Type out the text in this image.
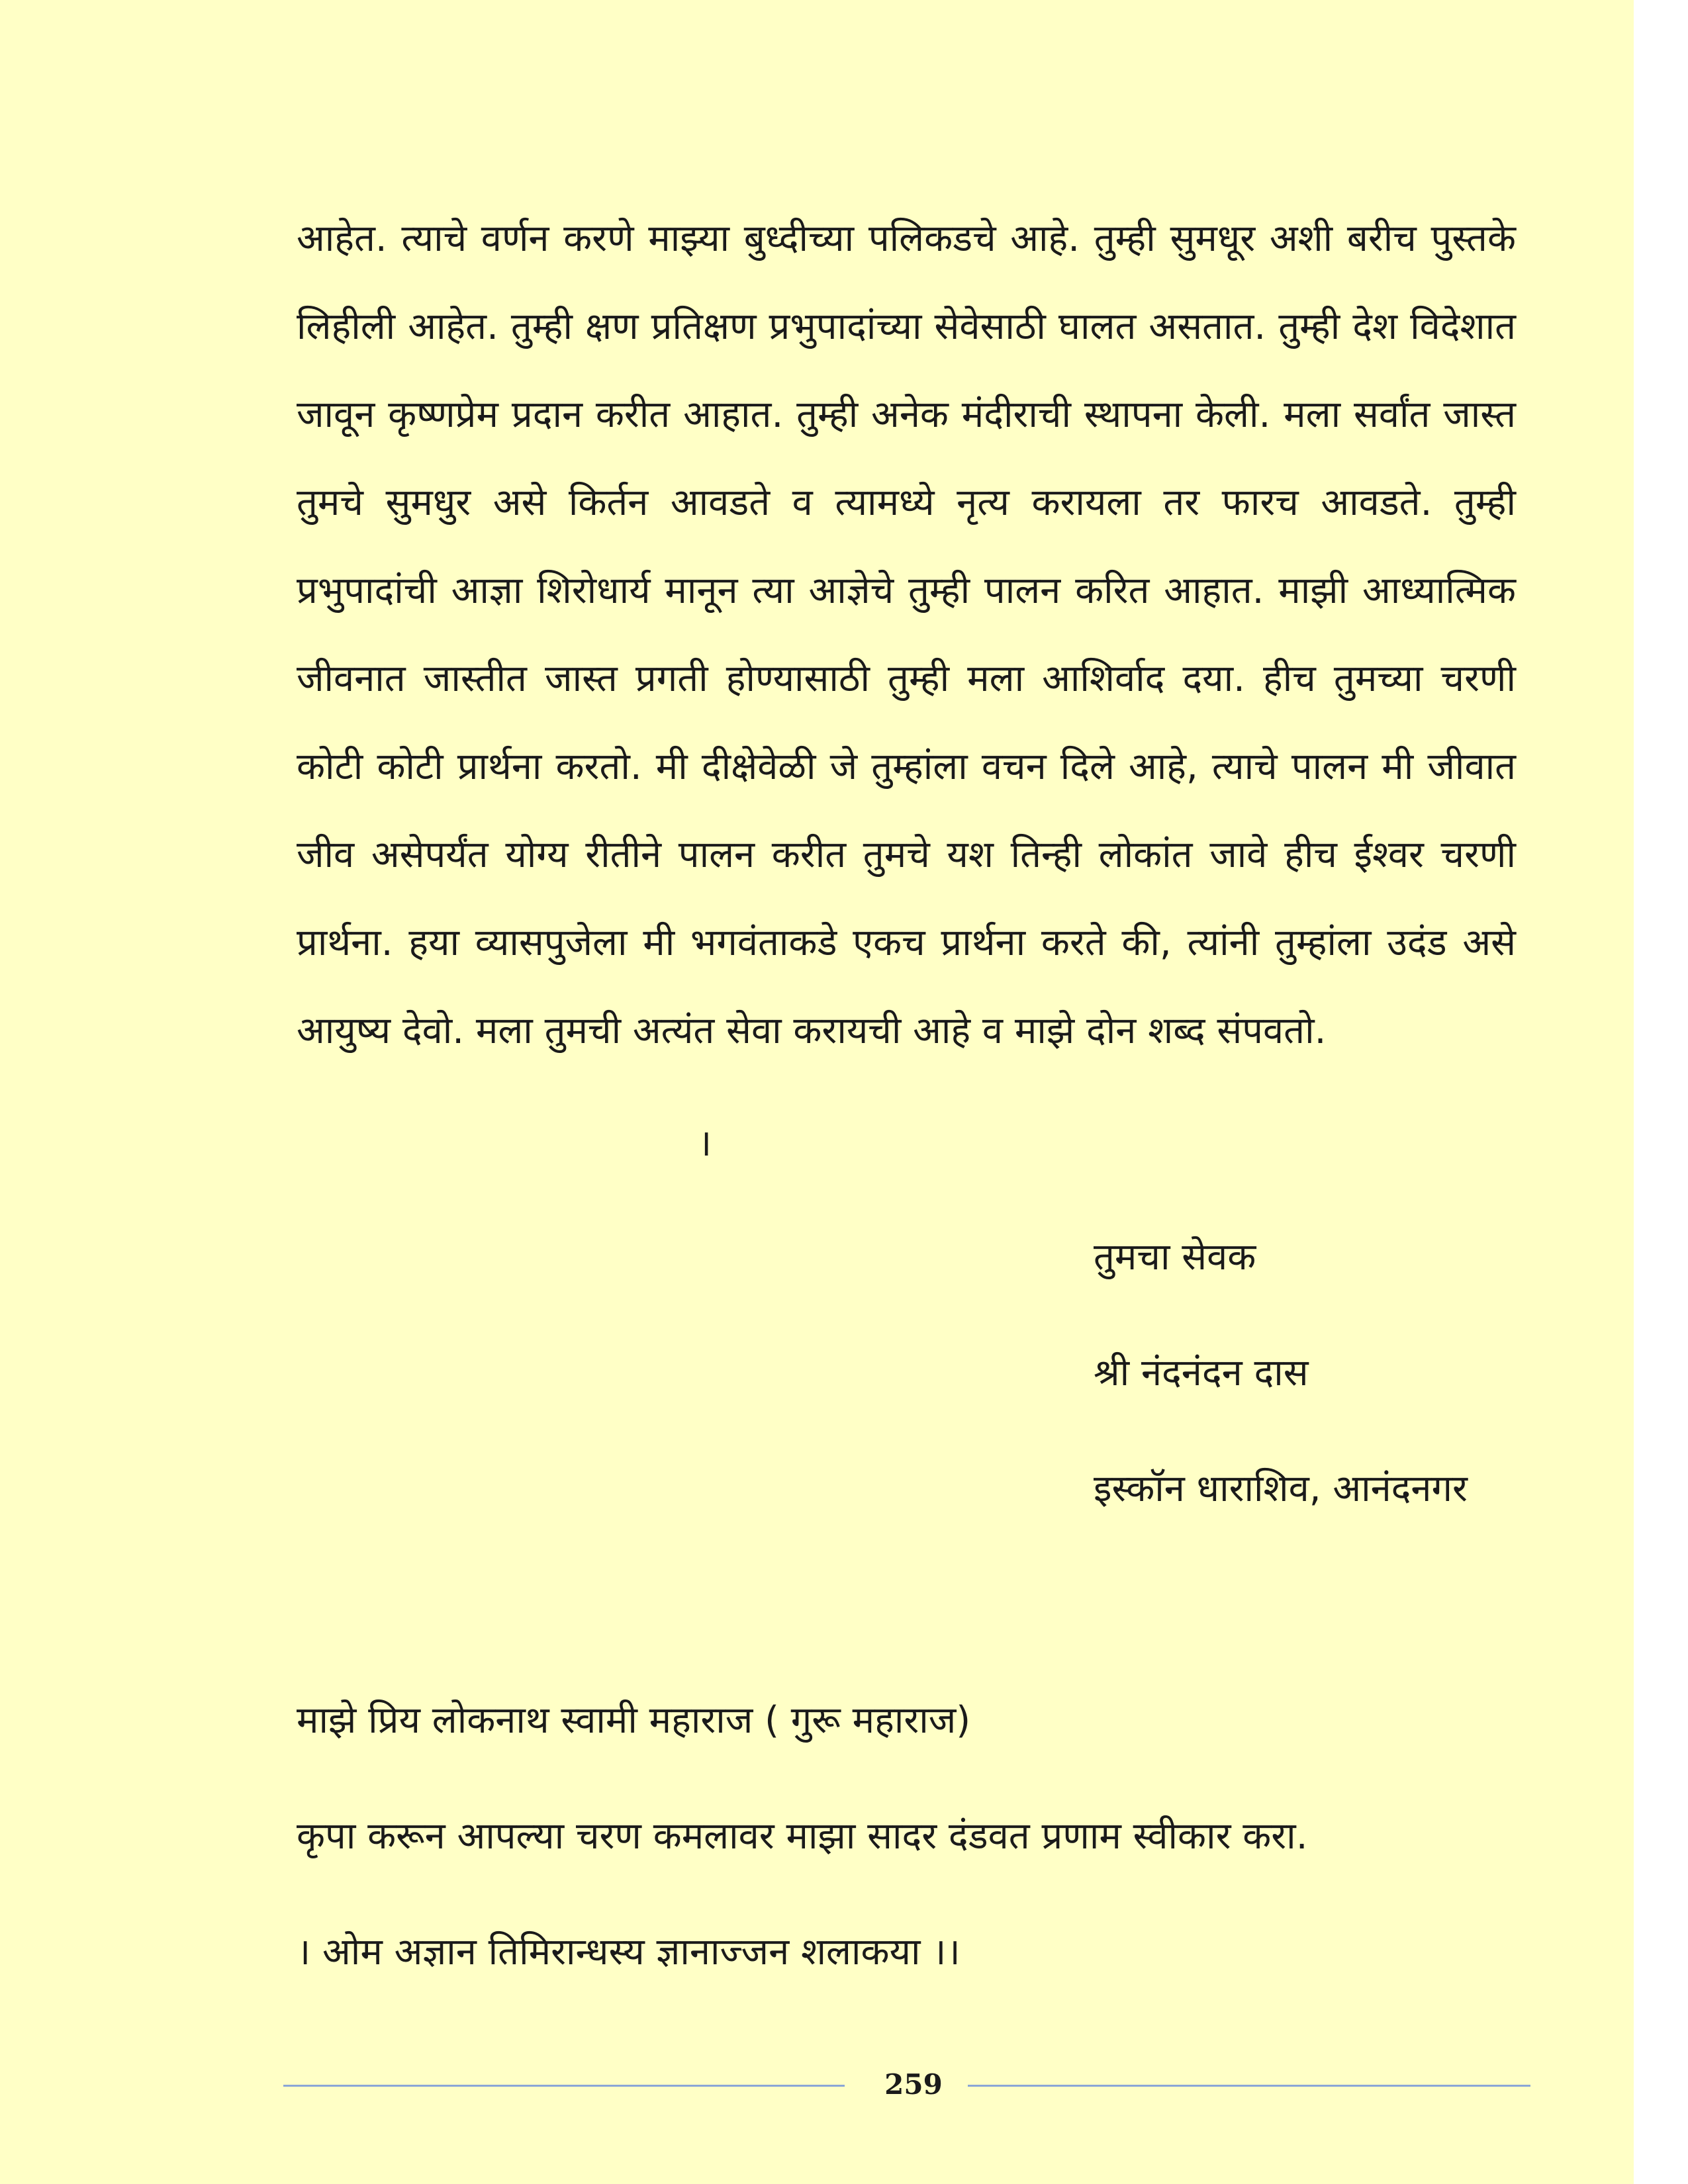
आहेत. त्याचे वर्णन करणे माझ्या बुध्दीच्या पलिकडचे आहे. तुम्ही सुमधूर अशी बरीच पुस्तके लिहीली आहेत. तुम्ही क्षण प्रतिक्षण प्रभुपादांच्या सेवेसाठी घालत असतात. तुम्ही देश विदेशात जावून कृष्णप्रेम प्रदान करीत आहात. तुम्ही अनेक मंदीराची स्थापना केली. मला सर्वांत जास्त तुमचे सुमधुर असे किर्तन आवडते व त्यामध्ये नृत्य करायला तर फारच आवडते. तुम्ही प्रभुपादांची आज्ञा शिरोधार्य मानून त्या आज्ञेचे तुम्ही पालन करित आहात. माझी आध्यात्मिक जीवनात जास्तीत जास्त प्रगती होण्यासाठी तुम्ही मला आशिर्वाद दया. हीच तुमच्या चरणी कोटी कोटी प्रार्थना करतो. मी दीक्षेवेळी जे तुम्हांला वचन दिले आहे, त्याचे पालन मी जीवात जीव असेपर्यंत योग्य रीतीने पालन करीत तुमचे यश तिन्ही लोकांत जावे हीच ईश्वर चरणी प्रार्थना. हया व्यासपुजेला मी भगवंताकडे एकच प्रार्थना करते की, त्यांनी तुम्हांला उदंड असे आयुष्य देवो. मला तुमची अत्यंत सेवा करायची आहे व माझे दोन शब्द संपवतो.

।
तुमचा सेवक
श्री नंदनंदन दास
इस्कॉन धाराशिव, आनंदनगर
माझे प्रिय लोकनाथ स्वामी महाराज ( गुरू महाराज)
कृपा करून आपल्या चरण कमलावर माझा सादर दंडवत प्रणाम स्वीकार करा.
। ओम अज्ञान तिमिरान्धस्य ज्ञानाज्जन शलाकया ।।
259
